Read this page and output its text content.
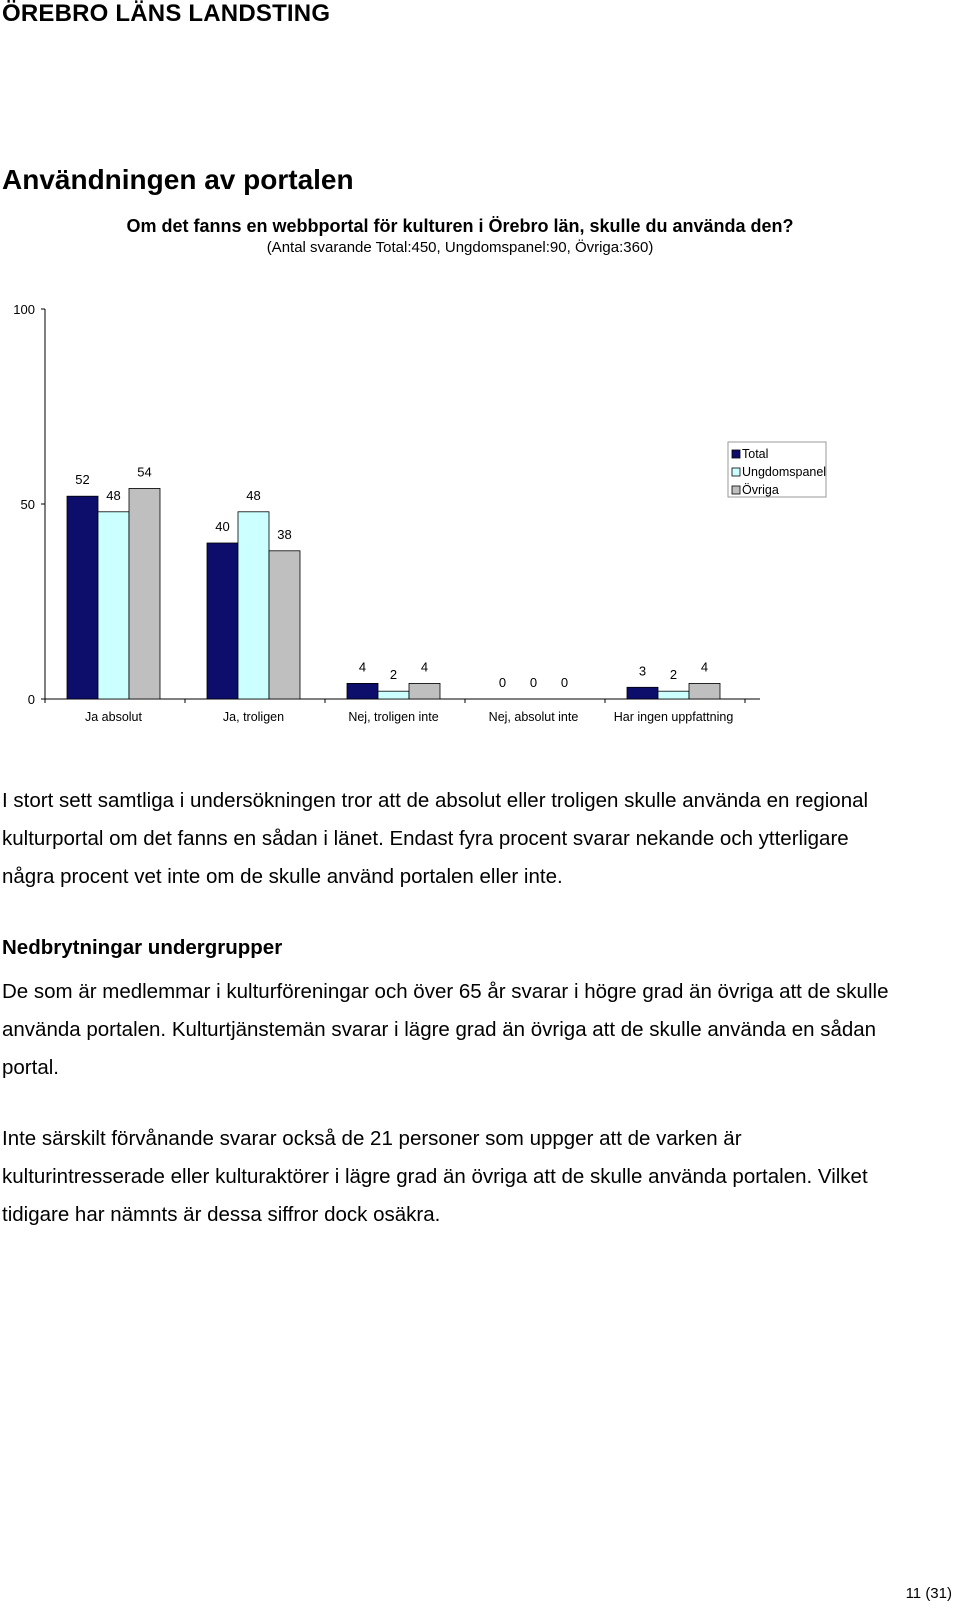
ÖREBRO LÄNS LANDSTING
Användningen av portalen
Om det fanns en webbportal för kulturen i Örebro län, skulle du använda den?
(Antal svarande Total:450, Ungdomspanel:90, Övriga:360)
0
50
100
52
48
54
Ja absolut
40
48
38
Ja, troligen
4
2
4
Nej, troligen inte
0 0 0
Nej, absolut inte
3 2
4
Har ingen uppfattning
Total
Ungdomspanel
Övriga

I stort sett samtliga i undersökningen tror att de absolut eller troligen skulle använda en regional kulturportal om det fanns en sådan i länet. Endast fyra procent svarar nekande och ytterligare några procent vet inte om de skulle använd portalen eller inte.

Nedbrytningar undergrupper

De som är medlemmar i kulturföreningar och över 65 år svarar i högre grad än övriga att de skulle använda portalen. Kulturtjänstemän svarar i lägre grad än övriga att de skulle använda en sådan portal.

Inte särskilt förvånande svarar också de 21 personer som uppger att de varken är kulturintresserade eller kulturaktörer i lägre grad än övriga att de skulle använda portalen. Vilket tidigare har nämnts är dessa siffror dock osäkra.

11 (31)
